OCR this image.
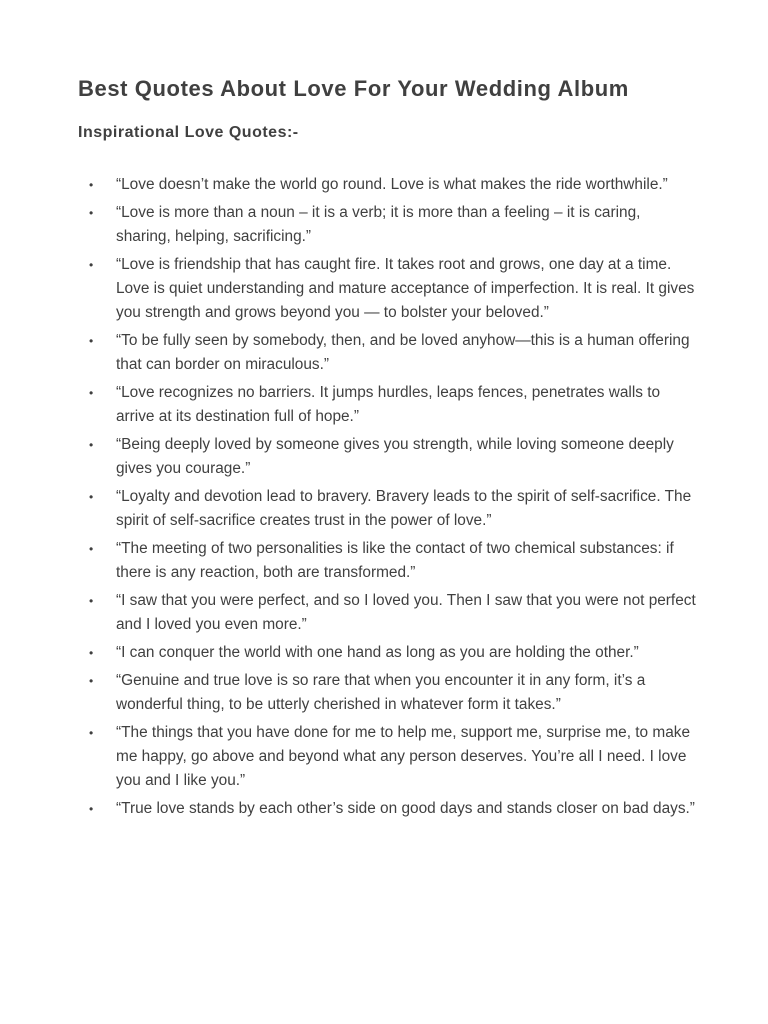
Best Quotes About Love For Your Wedding Album
Inspirational Love Quotes:-
• “Love doesn’t make the world go round. Love is what makes the ride worthwhile.”
• “Love is more than a noun – it is a verb; it is more than a feeling – it is caring, sharing, helping, sacrificing.”
• “Love is friendship that has caught fire. It takes root and grows, one day at a time. Love is quiet understanding and mature acceptance of imperfection. It is real. It gives you strength and grows beyond you — to bolster your beloved.”
• “To be fully seen by somebody, then, and be loved anyhow—this is a human offering that can border on miraculous.”
• “Love recognizes no barriers. It jumps hurdles, leaps fences, penetrates walls to arrive at its destination full of hope.”
• “Being deeply loved by someone gives you strength, while loving someone deeply gives you courage.”
• “Loyalty and devotion lead to bravery. Bravery leads to the spirit of self-sacrifice. The spirit of self-sacrifice creates trust in the power of love.”
• “The meeting of two personalities is like the contact of two chemical substances: if there is any reaction, both are transformed.”
• “I saw that you were perfect, and so I loved you. Then I saw that you were not perfect and I loved you even more.”
• “I can conquer the world with one hand as long as you are holding the other.”
• “Genuine and true love is so rare that when you encounter it in any form, it’s a wonderful thing, to be utterly cherished in whatever form it takes.”
• “The things that you have done for me to help me, support me, surprise me, to make me happy, go above and beyond what any person deserves. You’re all I need. I love you and I like you.”
• “True love stands by each other’s side on good days and stands closer on bad days.”
